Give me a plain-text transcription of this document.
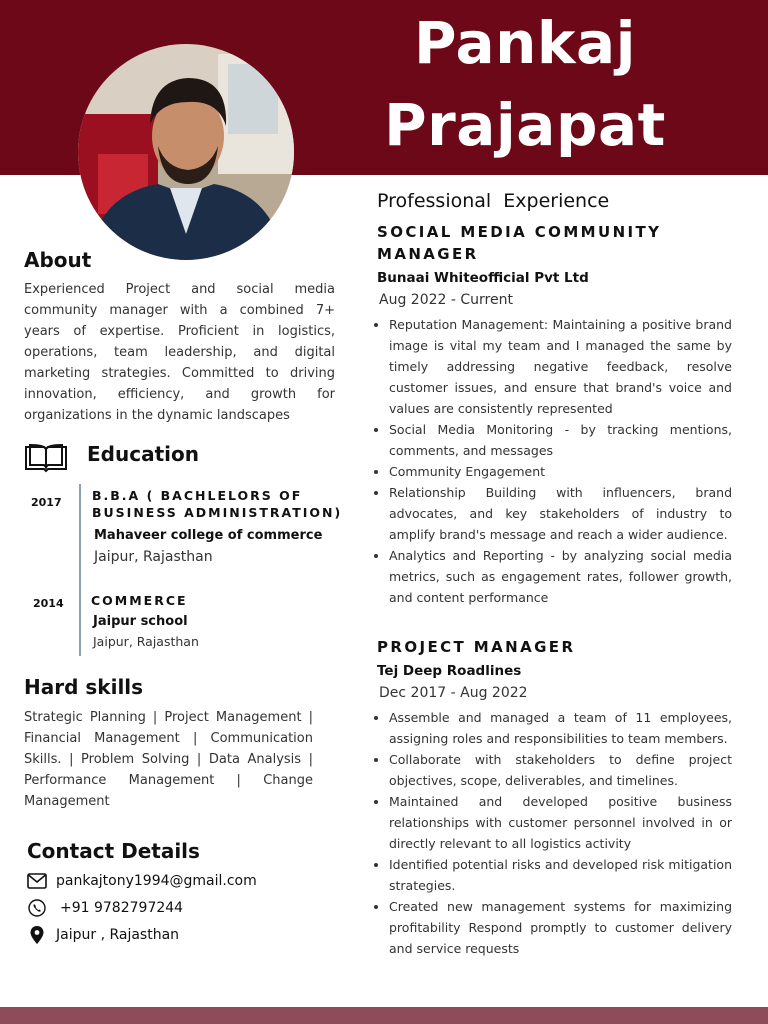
Pankaj
Prajapat
About
Experienced Project and social media community manager with a combined 7+ years of expertise. Proficient in logistics, operations, team leadership, and digital marketing strategies. Committed to driving innovation, efficiency, and growth for organizations in the dynamic landscapes
Education
2017 B.B.A ( BACHLELORS OF BUSINESS ADMINISTRATION)
Mahaveer college of commerce
Jaipur, Rajasthan
2014 COMMERCE
Jaipur school
Jaipur, Rajasthan
Hard skills
Strategic Planning | Project Management | Financial Management | Communication Skills. | Problem Solving | Data Analysis | Performance Management | Change Management
Contact Details
pankajtony1994@gmail.com
+91 9782797244
Jaipur , Rajasthan
Professional  Experience
SOCIAL MEDIA COMMUNITY MANAGER
Bunaai Whiteofficial Pvt Ltd
Aug 2022 - Current
• Reputation Management: Maintaining a positive brand image is vital my team and I managed the same by timely addressing negative feedback, resolve customer issues, and ensure that brand's voice and values are consistently represented
• Social Media Monitoring - by tracking mentions, comments, and messages
• Community Engagement
• Relationship Building with influencers, brand advocates, and key stakeholders of industry to amplify brand's message and reach a wider audience.
• Analytics and Reporting - by analyzing social media metrics, such as engagement rates, follower growth, and content performance
PROJECT MANAGER
Tej Deep Roadlines
Dec 2017 - Aug 2022
• Assemble and managed a team of 11 employees, assigning roles and responsibilities to team members.
• Collaborate with stakeholders to define project objectives, scope, deliverables, and timelines.
• Maintained and developed positive business relationships with customer personnel involved in or directly relevant to all logistics activity
• Identified potential risks and developed risk mitigation strategies.
• Created new management systems for maximizing profitability Respond promptly to customer delivery and service requests
